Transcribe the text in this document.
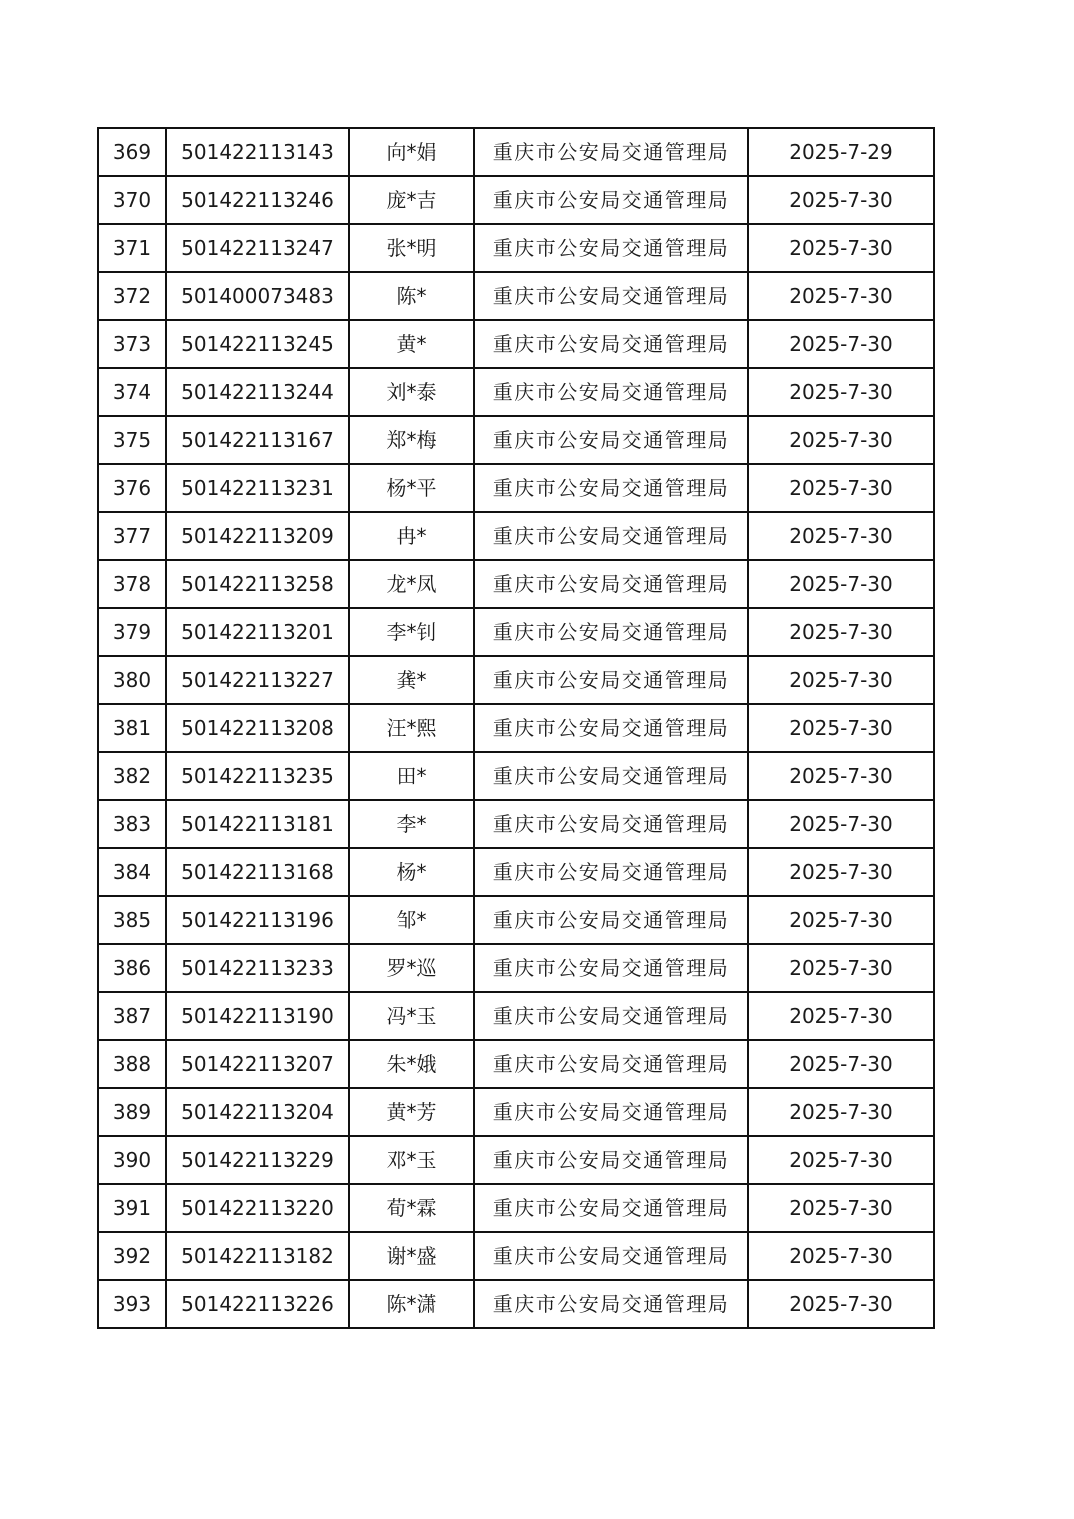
369	501422113143	向*娟	重庆市公安局交通管理局	2025-7-29
370	501422113246	庞*吉	重庆市公安局交通管理局	2025-7-30
371	501422113247	张*明	重庆市公安局交通管理局	2025-7-30
372	501400073483	陈*	重庆市公安局交通管理局	2025-7-30
373	501422113245	黄*	重庆市公安局交通管理局	2025-7-30
374	501422113244	刘*泰	重庆市公安局交通管理局	2025-7-30
375	501422113167	郑*梅	重庆市公安局交通管理局	2025-7-30
376	501422113231	杨*平	重庆市公安局交通管理局	2025-7-30
377	501422113209	冉*	重庆市公安局交通管理局	2025-7-30
378	501422113258	龙*凤	重庆市公安局交通管理局	2025-7-30
379	501422113201	李*钊	重庆市公安局交通管理局	2025-7-30
380	501422113227	龚*	重庆市公安局交通管理局	2025-7-30
381	501422113208	汪*熙	重庆市公安局交通管理局	2025-7-30
382	501422113235	田*	重庆市公安局交通管理局	2025-7-30
383	501422113181	李*	重庆市公安局交通管理局	2025-7-30
384	501422113168	杨*	重庆市公安局交通管理局	2025-7-30
385	501422113196	邹*	重庆市公安局交通管理局	2025-7-30
386	501422113233	罗*巡	重庆市公安局交通管理局	2025-7-30
387	501422113190	冯*玉	重庆市公安局交通管理局	2025-7-30
388	501422113207	朱*娥	重庆市公安局交通管理局	2025-7-30
389	501422113204	黄*芳	重庆市公安局交通管理局	2025-7-30
390	501422113229	邓*玉	重庆市公安局交通管理局	2025-7-30
391	501422113220	荀*霖	重庆市公安局交通管理局	2025-7-30
392	501422113182	谢*盛	重庆市公安局交通管理局	2025-7-30
393	501422113226	陈*潇	重庆市公安局交通管理局	2025-7-30
